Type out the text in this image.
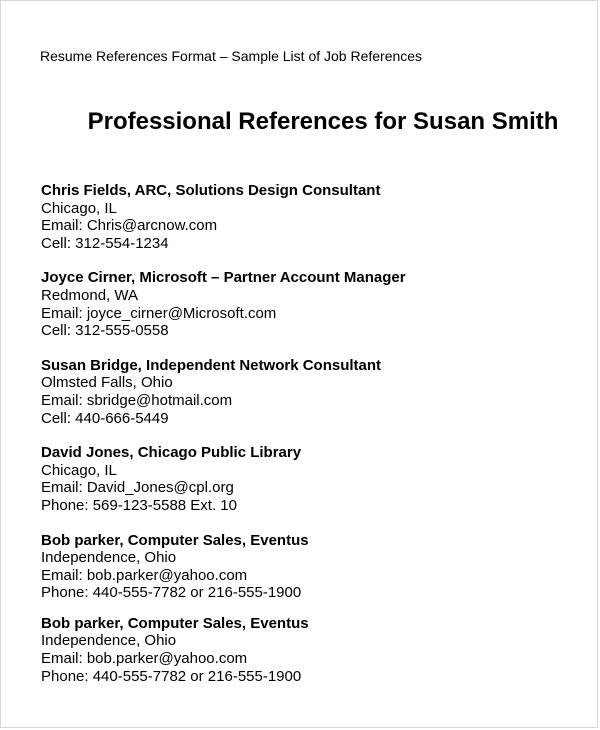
Resume References Format – Sample List of Job References
Professional References for Susan Smith
Chris Fields, ARC, Solutions Design Consultant
Chicago, IL
Email: Chris@arcnow.com
Cell: 312-554-1234
Joyce Cirner, Microsoft – Partner Account Manager
Redmond, WA
Email: joyce_cirner@Microsoft.com
Cell: 312-555-0558
Susan Bridge, Independent Network Consultant
Olmsted Falls, Ohio
Email: sbridge@hotmail.com
Cell: 440-666-5449
David Jones, Chicago Public Library
Chicago, IL
Email: David_Jones@cpl.org
Phone: 569-123-5588 Ext. 10
Bob parker, Computer Sales, Eventus
Independence, Ohio
Email: bob.parker@yahoo.com
Phone: 440-555-7782 or 216-555-1900
Bob parker, Computer Sales, Eventus
Independence, Ohio
Email: bob.parker@yahoo.com
Phone: 440-555-7782 or 216-555-1900
